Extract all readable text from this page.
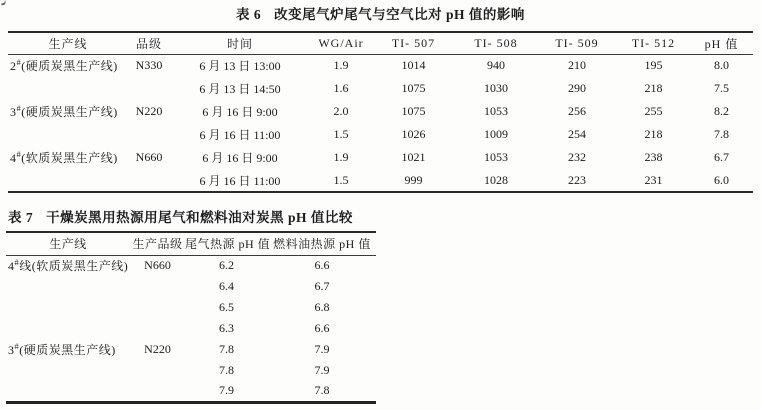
表 6 改变尾气炉尾气与空气比对 pH 值的影响
生产线	品级	时间	WG/Air	TI- 507	TI- 508	TI- 509	TI- 512	pH 值
2#(硬质炭黑生产线)	N330	6 月 13 日 13:00	1.9	1014	940	210	195	8.0
		6 月 13 日 14:50	1.6	1075	1030	290	218	7.5
3#(硬质炭黑生产线)	N220	6 月 16 日 9:00	2.0	1075	1053	256	255	8.2
		6 月 16 日 11:00	1.5	1026	1009	254	218	7.8
4#(软质炭黑生产线)	N660	6 月 16 日 9:00	1.9	1021	1053	232	238	6.7
		6 月 16 日 11:00	1.5	999	1028	223	231	6.0
表 7 干燥炭黑用热源用尾气和燃料油对炭黑 pH 值比较
生产线	生产品级	尾气热源 pH 值	燃料油热源 pH 值
4#线(软质炭黑生产线)	N660	6.2	6.6
		6.4	6.7
		6.5	6.8
		6.3	6.6
3#(硬质炭黑生产线)	N220	7.8	7.9
		7.8	7.9
		7.9	7.8
